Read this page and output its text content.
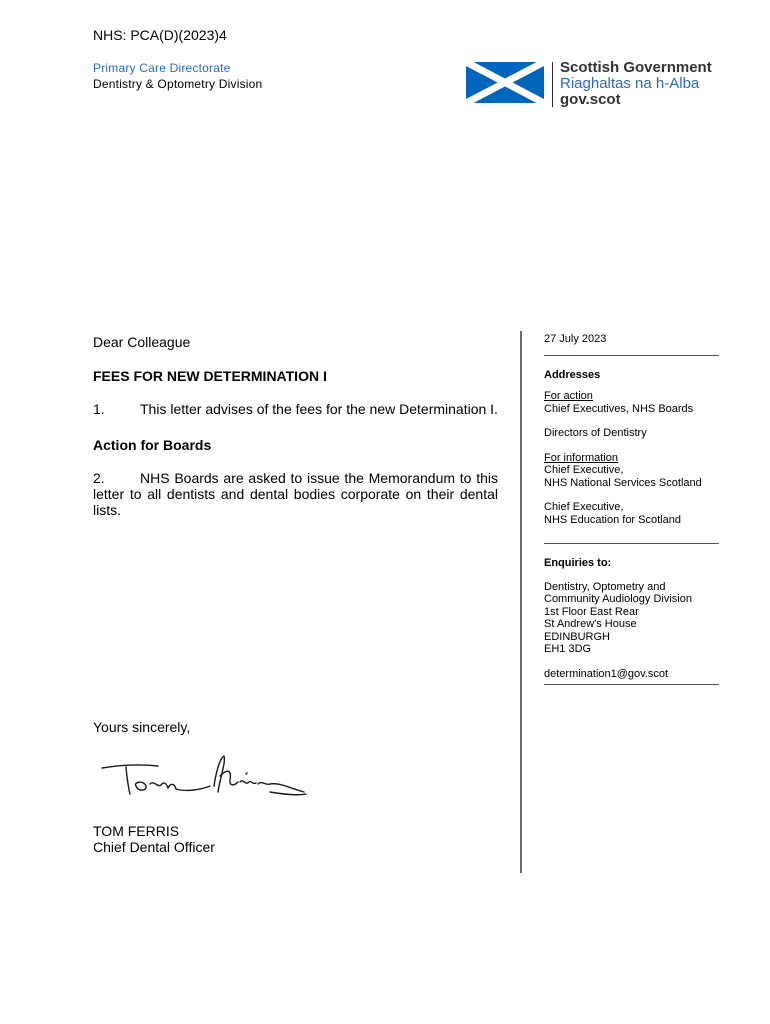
NHS: PCA(D)(2023)4
Primary Care Directorate
Dentistry & Optometry Division
Scottish Government
Riaghaltas na h-Alba
gov.scot
Dear Colleague
FEES FOR NEW DETERMINATION I
1.	This letter advises of the fees for the new Determination I.
Action for Boards
2.	NHS Boards are asked to issue the Memorandum to this letter to all dentists and dental bodies corporate on their dental lists.
27 July 2023
Addresses
For action
Chief Executives, NHS Boards
Directors of Dentistry
For information
Chief Executive,
NHS National Services Scotland
Chief Executive,
NHS Education for Scotland
Enquiries to:
Dentistry, Optometry and
Community Audiology Division
1st Floor East Rear
St Andrew's House
EDINBURGH
EH1 3DG
determination1@gov.scot
Yours sincerely,
TOM FERRIS
Chief Dental Officer
